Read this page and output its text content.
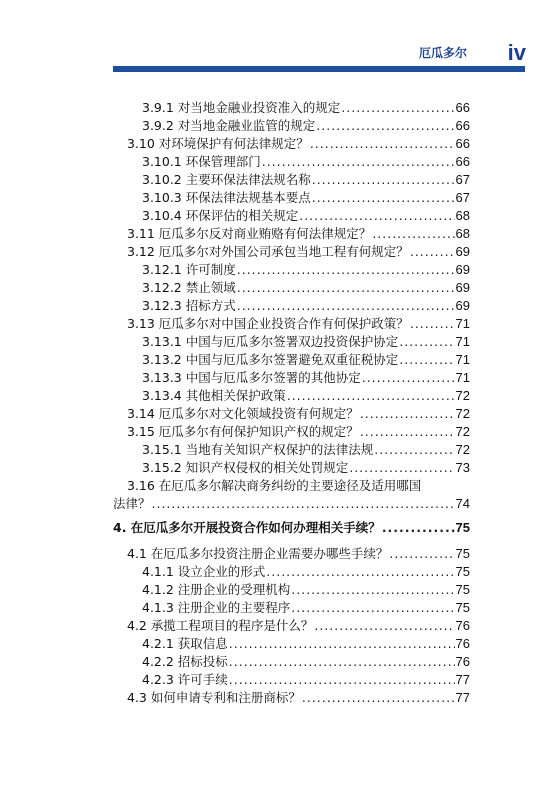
厄瓜多尔 iv
3.9.1 对当地金融业投资准入的规定 .....	66
3.9.2 对当地金融业监管的规定 .....	66
3.10 对环境保护有何法律规定？ .....	66
3.10.1 环保管理部门 .....	66
3.10.2 主要环保法律法规名称 .....	67
3.10.3 环保法律法规基本要点 .....	67
3.10.4 环保评估的相关规定 .....	68
3.11 厄瓜多尔反对商业贿赂有何法律规定？ .....	68
3.12 厄瓜多尔对外国公司承包当地工程有何规定？ .....	69
3.12.1 许可制度 .....	69
3.12.2 禁止领域 .....	69
3.12.3 招标方式 .....	69
3.13 厄瓜多尔对中国企业投资合作有何保护政策？ .....	71
3.13.1 中国与厄瓜多尔签署双边投资保护协定 .....	71
3.13.2 中国与厄瓜多尔签署避免双重征税协定 .....	71
3.13.3 中国与厄瓜多尔签署的其他协定 .....	71
3.13.4 其他相关保护政策 .....	72
3.14 厄瓜多尔对文化领域投资有何规定？ .....	72
3.15 厄瓜多尔有何保护知识产权的规定？ .....	72
3.15.1 当地有关知识产权保护的法律法规 .....	72
3.15.2 知识产权侵权的相关处罚规定 .....	73
3.16 在厄瓜多尔解决商务纠纷的主要途径及适用哪国
法律？ .....	74
4. 在厄瓜多尔开展投资合作如何办理相关手续？ .....	75
4.1 在厄瓜多尔投资注册企业需要办哪些手续？ .....	75
4.1.1 设立企业的形式 .....	75
4.1.2 注册企业的受理机构 .....	75
4.1.3 注册企业的主要程序 .....	75
4.2 承揽工程项目的程序是什么？ .....	76
4.2.1 获取信息 .....	76
4.2.2 招标投标 .....	76
4.2.3 许可手续 .....	77
4.3 如何申请专利和注册商标？ .....	77
